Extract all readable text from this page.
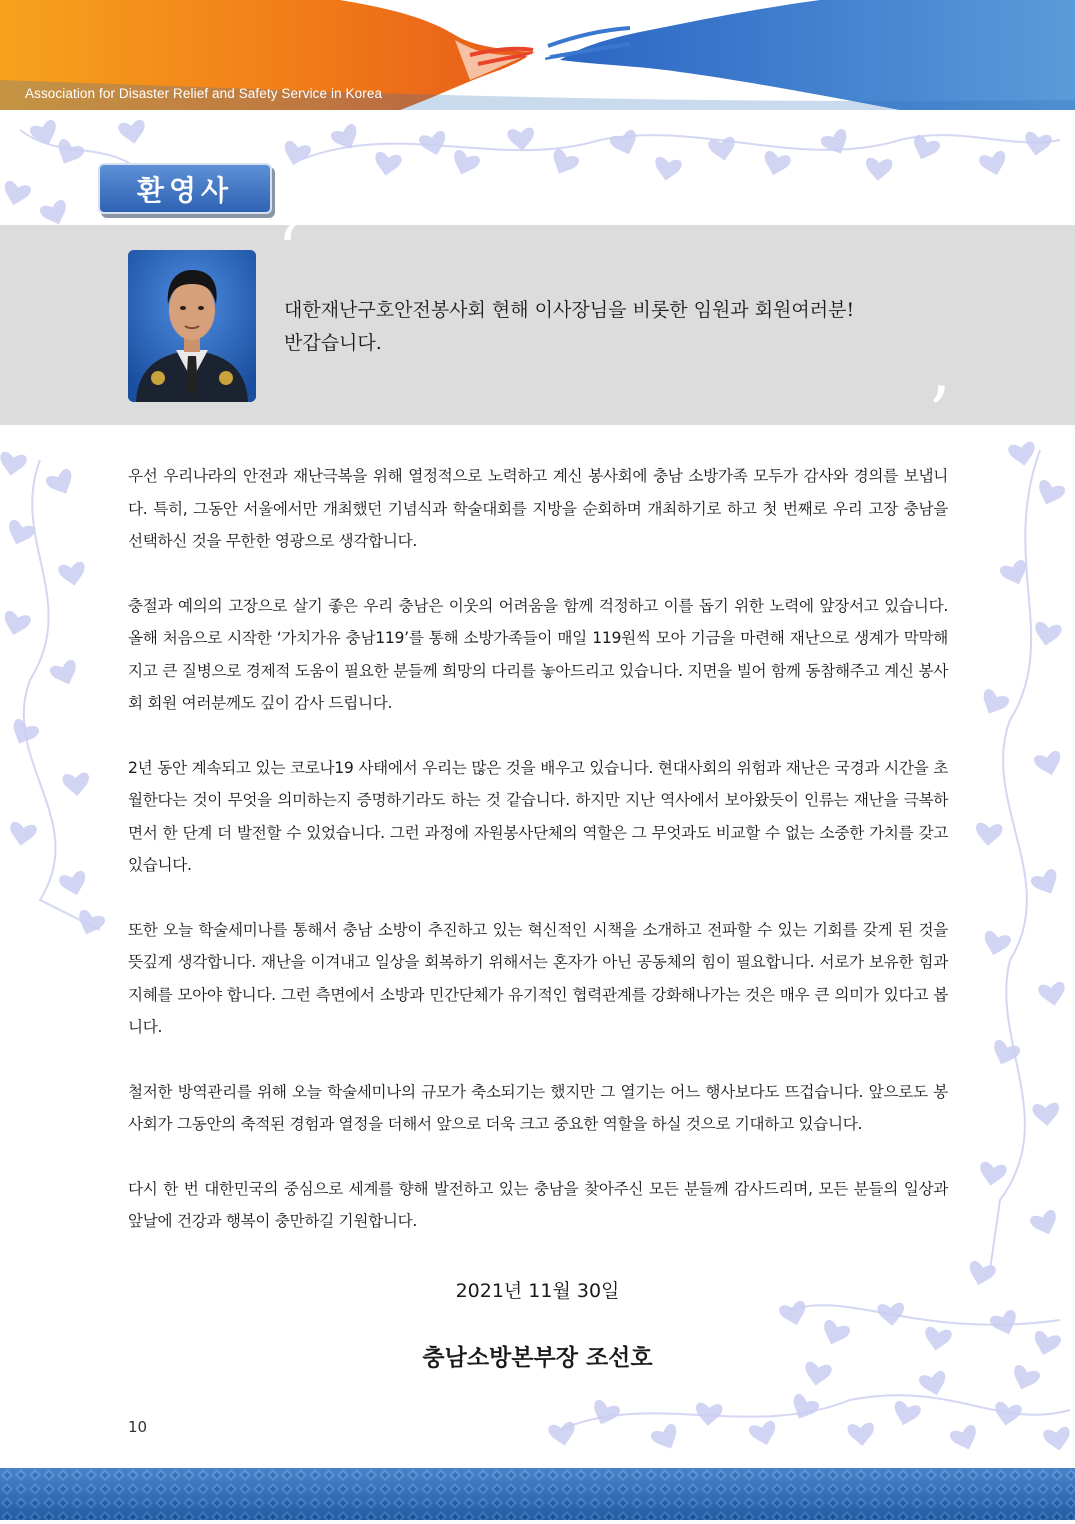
Association for Disaster Relief and Safety Service in Korea
환영사
‘
’
대한재난구호안전봉사회 현해 이사장님을 비롯한 임원과 회원여러분!
반갑습니다.

우선 우리나라의 안전과 재난극복을 위해 열정적으로 노력하고 계신 봉사회에 충남 소방가족 모두가 감사와 경의를 보냅니다. 특히, 그동안 서울에서만 개최했던 기념식과 학술대회를 지방을 순회하며 개최하기로 하고 첫 번째로 우리 고장 충남을 선택하신 것을 무한한 영광으로 생각합니다.

충절과 예의의 고장으로 살기 좋은 우리 충남은 이웃의 어려움을 함께 걱정하고 이를 돕기 위한 노력에 앞장서고 있습니다. 올해 처음으로 시작한 ‘가치가유 충남119’를 통해 소방가족들이 매일 119원씩 모아 기금을 마련해 재난으로 생계가 막막해지고 큰 질병으로 경제적 도움이 필요한 분들께 희망의 다리를 놓아드리고 있습니다. 지면을 빌어 함께 동참해주고 계신 봉사회 회원 여러분께도 깊이 감사 드립니다.

2년 동안 계속되고 있는 코로나19 사태에서 우리는 많은 것을 배우고 있습니다. 현대사회의 위험과 재난은 국경과 시간을 초월한다는 것이 무엇을 의미하는지 증명하기라도 하는 것 같습니다. 하지만 지난 역사에서 보아왔듯이 인류는 재난을 극복하면서 한 단계 더 발전할 수 있었습니다. 그런 과정에 자원봉사단체의 역할은 그 무엇과도 비교할 수 없는 소중한 가치를 갖고 있습니다.

또한 오늘 학술세미나를 통해서 충남 소방이 추진하고 있는 혁신적인 시책을 소개하고 전파할 수 있는 기회를 갖게 된 것을 뜻깊게 생각합니다. 재난을 이겨내고 일상을 회복하기 위해서는 혼자가 아닌 공동체의 힘이 필요합니다. 서로가 보유한 힘과 지혜를 모아야 합니다. 그런 측면에서 소방과 민간단체가 유기적인 협력관계를 강화해나가는 것은 매우 큰 의미가 있다고 봅니다.

철저한 방역관리를 위해 오늘 학술세미나의 규모가 축소되기는 했지만 그 열기는 어느 행사보다도 뜨겁습니다. 앞으로도 봉사회가 그동안의 축적된 경험과 열정을 더해서 앞으로 더욱 크고 중요한 역할을 하실 것으로 기대하고 있습니다.

다시 한 번 대한민국의 중심으로 세계를 향해 발전하고 있는 충남을 찾아주신 모든 분들께 감사드리며, 모든 분들의 일상과 앞날에 건강과 행복이 충만하길 기원합니다.

2021년 11월 30일
충남소방본부장 조선호
10
